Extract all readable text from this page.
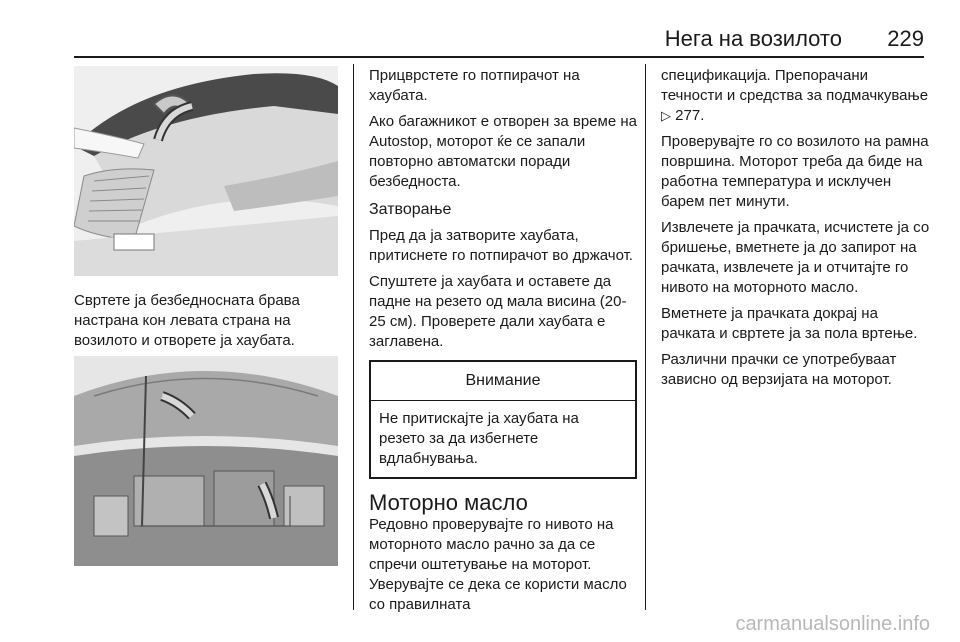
Нега на возилото 229
Свртете ја безбедносната брава настрана кон левата страна на возилото и отворете ја хаубата.

Прицврстете го потпирачот на хаубата.

Ако багажникот е отворен за време на Autostop, моторот ќе се запали повторно автоматски поради безбедноста.

Затворање

Пред да ја затворите хаубата, притиснете го потпирачот во држачот.

Спуштете ја хаубата и оставете да падне на резето од мала висина (20-25 см). Проверете дали хаубата е заглавена.

Внимание
Не притискајте ја хаубата на резето за да избегнете вдлабнувања.
Моторно масло

Редовно проверувајте го нивото на моторното масло рачно за да се спречи оштетување на моторот. Уверувајте се дека се користи масло со правилната

спецификација. Препорачани течности и средства за подмачкување ▷ 277.

Проверувајте го со возилото на рамна површина. Моторот треба да биде на работна температура и исклучен барем пет минути.

Извлечете ја прачката, исчистете ја со бришење, вметнете ја до запирот на рачката, извлечете ја и отчитајте го нивото на моторното масло.

Вметнете ја прачката докрај на рачката и свртете ја за пола вртење.

Различни прачки се употребуваат зависно од верзијата на моторот.

carmanualsonline.info
